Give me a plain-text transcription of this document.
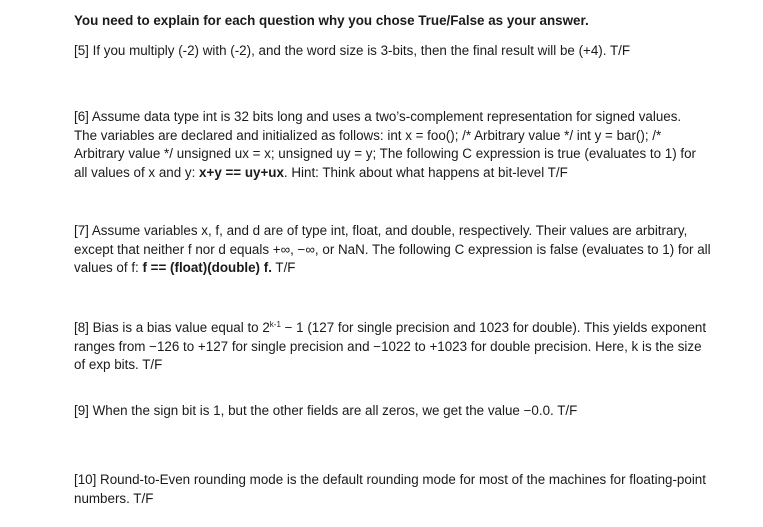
You need to explain for each question why you chose True/False as your answer.

[5] If you multiply (-2) with (-2), and the word size is 3-bits, then the final result will be (+4). T/F

[6] Assume data type int is 32 bits long and uses a two’s-complement representation for signed values. The variables are declared and initialized as follows: int x = foo(); /* Arbitrary value */ int y = bar(); /* Arbitrary value */ unsigned ux = x; unsigned uy = y; The following C expression is true (evaluates to 1) for all values of x and y: x+y == uy+ux. Hint: Think about what happens at bit-level T/F

[7] Assume variables x, f, and d are of type int, float, and double, respectively. Their values are arbitrary, except that neither f nor d equals +∞, −∞, or NaN. The following C expression is false (evaluates to 1) for all values of f: f == (float)(double) f. T/F

[8] Bias is a bias value equal to $2^{k-1} - 1$ (127 for single precision and 1023 for double). This yields exponent ranges from −126 to +127 for single precision and −1022 to +1023 for double precision. Here, k is the size of exp bits. T/F

[9] When the sign bit is 1, but the other fields are all zeros, we get the value −0.0. T/F

[10] Round-to-Even rounding mode is the default rounding mode for most of the machines for floating-point numbers. T/F
